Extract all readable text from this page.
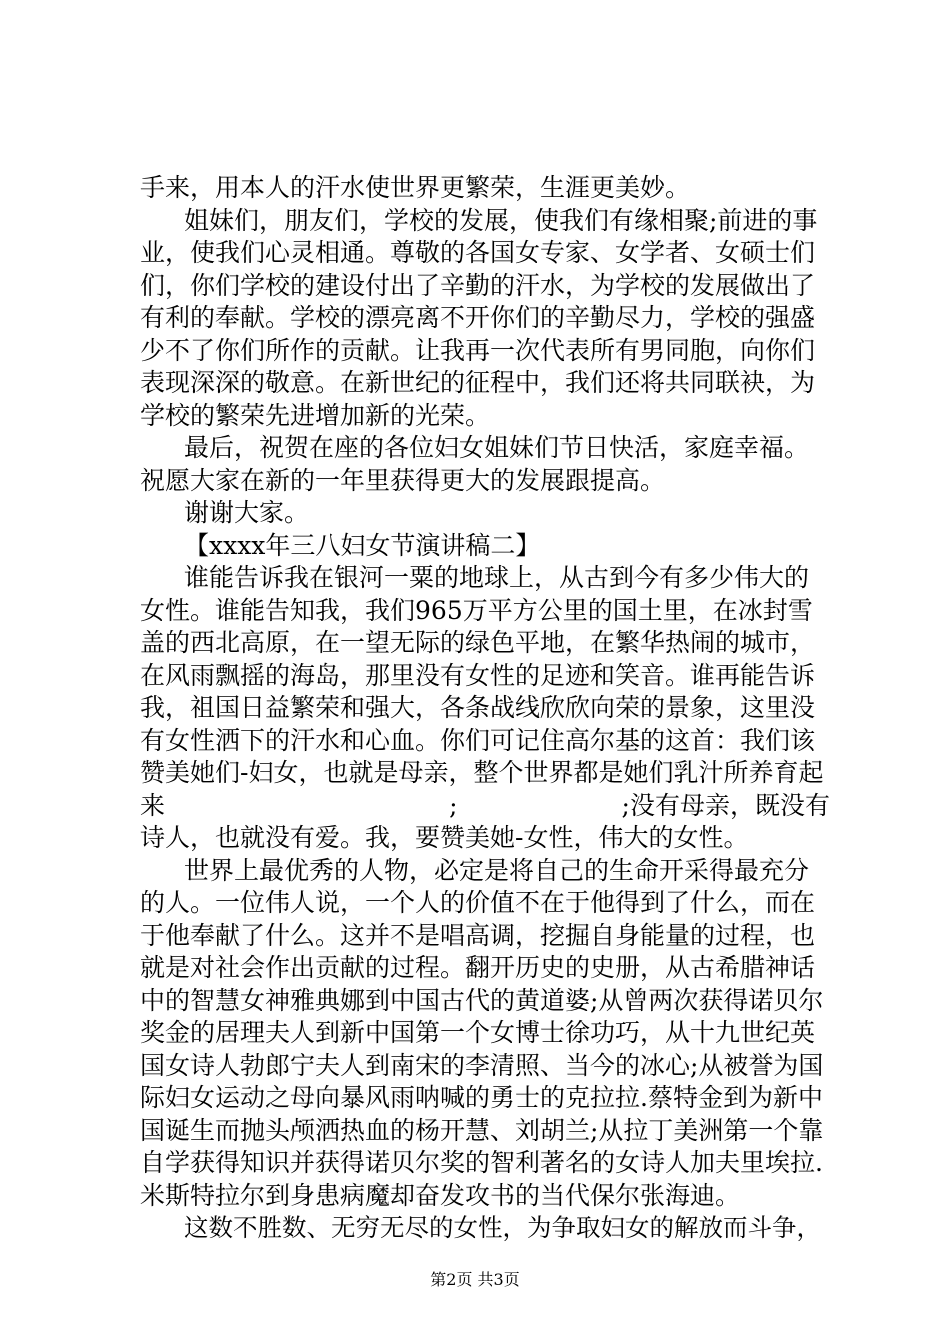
手来，用本人的汗水使世界更繁荣，生涯更美妙。
姐妹们，朋友们，学校的发展，使我们有缘相聚;前进的事
业，使我们心灵相通。尊敬的各国女专家、女学者、女硕士们
们，你们学校的建设付出了辛勤的汗水，为学校的发展做出了
有利的奉献。学校的漂亮离不开你们的辛勤尽力，学校的强盛
少不了你们所作的贡献。让我再一次代表所有男同胞，向你们
表现深深的敬意。在新世纪的征程中，我们还将共同联袂，为
学校的繁荣先进增加新的光荣。
最后，祝贺在座的各位妇女姐妹们节日快活，家庭幸福。
祝愿大家在新的一年里获得更大的发展跟提高。
谢谢大家。
【xxxx年三八妇女节演讲稿二】
谁能告诉我在银河一粟的地球上，从古到今有多少伟大的
女性。谁能告知我，我们965万平方公里的国土里，在冰封雪
盖的西北高原，在一望无际的绿色平地，在繁华热闹的城市，
在风雨飘摇的海岛，那里没有女性的足迹和笑音。谁再能告诉
我，祖国日益繁荣和强大，各条战线欣欣向荣的景象，这里没
有女性洒下的汗水和心血。你们可记住高尔基的这首：我们该
赞美她们-妇女，也就是母亲，整个世界都是她们乳汁所养育起
来	;	;没有母亲，既没有
诗人，也就没有爱。我，要赞美她-女性，伟大的女性。
世界上最优秀的人物，必定是将自己的生命开采得最充分
的人。一位伟人说，一个人的价值不在于他得到了什么，而在
于他奉献了什么。这并不是唱高调，挖掘自身能量的过程，也
就是对社会作出贡献的过程。翻开历史的史册，从古希腊神话
中的智慧女神雅典娜到中国古代的黄道婆;从曾两次获得诺贝尔
奖金的居理夫人到新中国第一个女博士徐功巧，从十九世纪英
国女诗人勃郎宁夫人到南宋的李清照、当今的冰心;从被誉为国
际妇女运动之母向暴风雨呐喊的勇士的克拉拉.蔡特金到为新中
国诞生而抛头颅洒热血的杨开慧、刘胡兰;从拉丁美洲第一个靠
自学获得知识并获得诺贝尔奖的智利著名的女诗人加夫里埃拉.
米斯特拉尔到身患病魔却奋发攻书的当代保尔张海迪。
这数不胜数、无穷无尽的女性，为争取妇女的解放而斗争，
第2页 共3页
